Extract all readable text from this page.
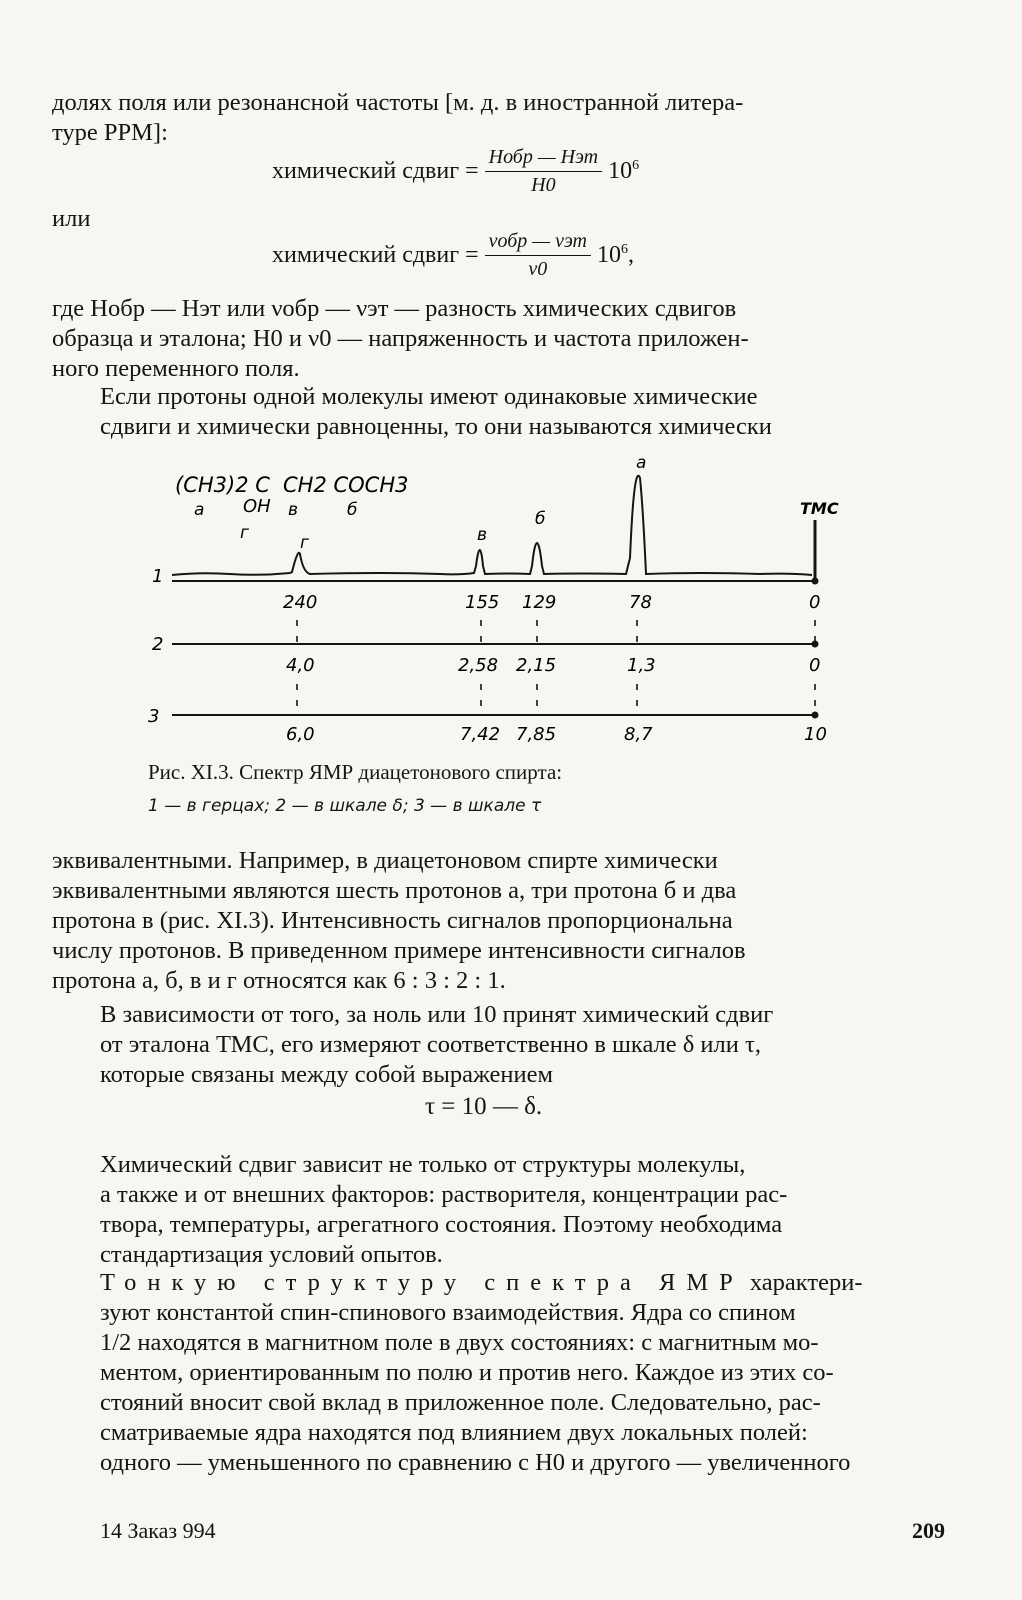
долях поля или резонансной частоты [м. д. в иностранной литера-
туре PPM]:

химический сдвиг = $\frac{\text{Hобр — Hэт}}{H0} 10^6$
или
химический сдвиг = $\frac{\text{νобр — νэт}}{\nu 0} 10^6$,

где Hобр — Hэт или νобр — νэт — разность химических сдвигов
образца и эталона; H0 и ν0 — напряженность и частота приложен-
ного переменного поля.

Если протоны одной молекулы имеют одинаковые химические
сдвиги и химически равноценны, то они называются химически

(CH3)2 C
OH
CH2 COCH3
a
г
в	б
г	в
б
a
ТМС
1
2
3
240	155 129	78	0
4,0	2,58 2,15	1,3	0
6,0	7,42 7,85	8,7	10
Рис. XI.3. Спектр ЯМР диацетонового спирта:
1 — в герцах; 2 — в шкале δ; 3 — в шкале τ

эквивалентными. Например, в диацетоновом спирте химически
эквивалентными являются шесть протонов a, три протона б и два
протона в (рис. XI.3). Интенсивность сигналов пропорциональна
числу протонов. В приведенном примере интенсивности сигналов
протона a, б, в и г относятся как 6 : 3 : 2 : 1.

В зависимости от того, за ноль или 10 принят химический сдвиг
от эталона ТМС, его измеряют соответственно в шкале δ или τ,
которые связаны между собой выражением

τ = 10 — δ.

Химический сдвиг зависит не только от структуры молекулы,
а также и от внешних факторов: растворителя, концентрации рас-
твора, температуры, агрегатного состояния. Поэтому необходима
стандартизация условий опытов.

Тонкую структуру спектра ЯМР характери-
зуют константой спин-спинового взаимодействия. Ядра со спином
1/2 находятся в магнитном поле в двух состояниях: с магнитным мо-
ментом, ориентированным по полю и против него. Каждое из этих со-
стояний вносит свой вклад в приложенное поле. Следовательно, рас-
сматриваемые ядра находятся под влиянием двух локальных полей:
одного — уменьшенного по сравнению с H0 и другого — увеличенного

14 Заказ 994	209
